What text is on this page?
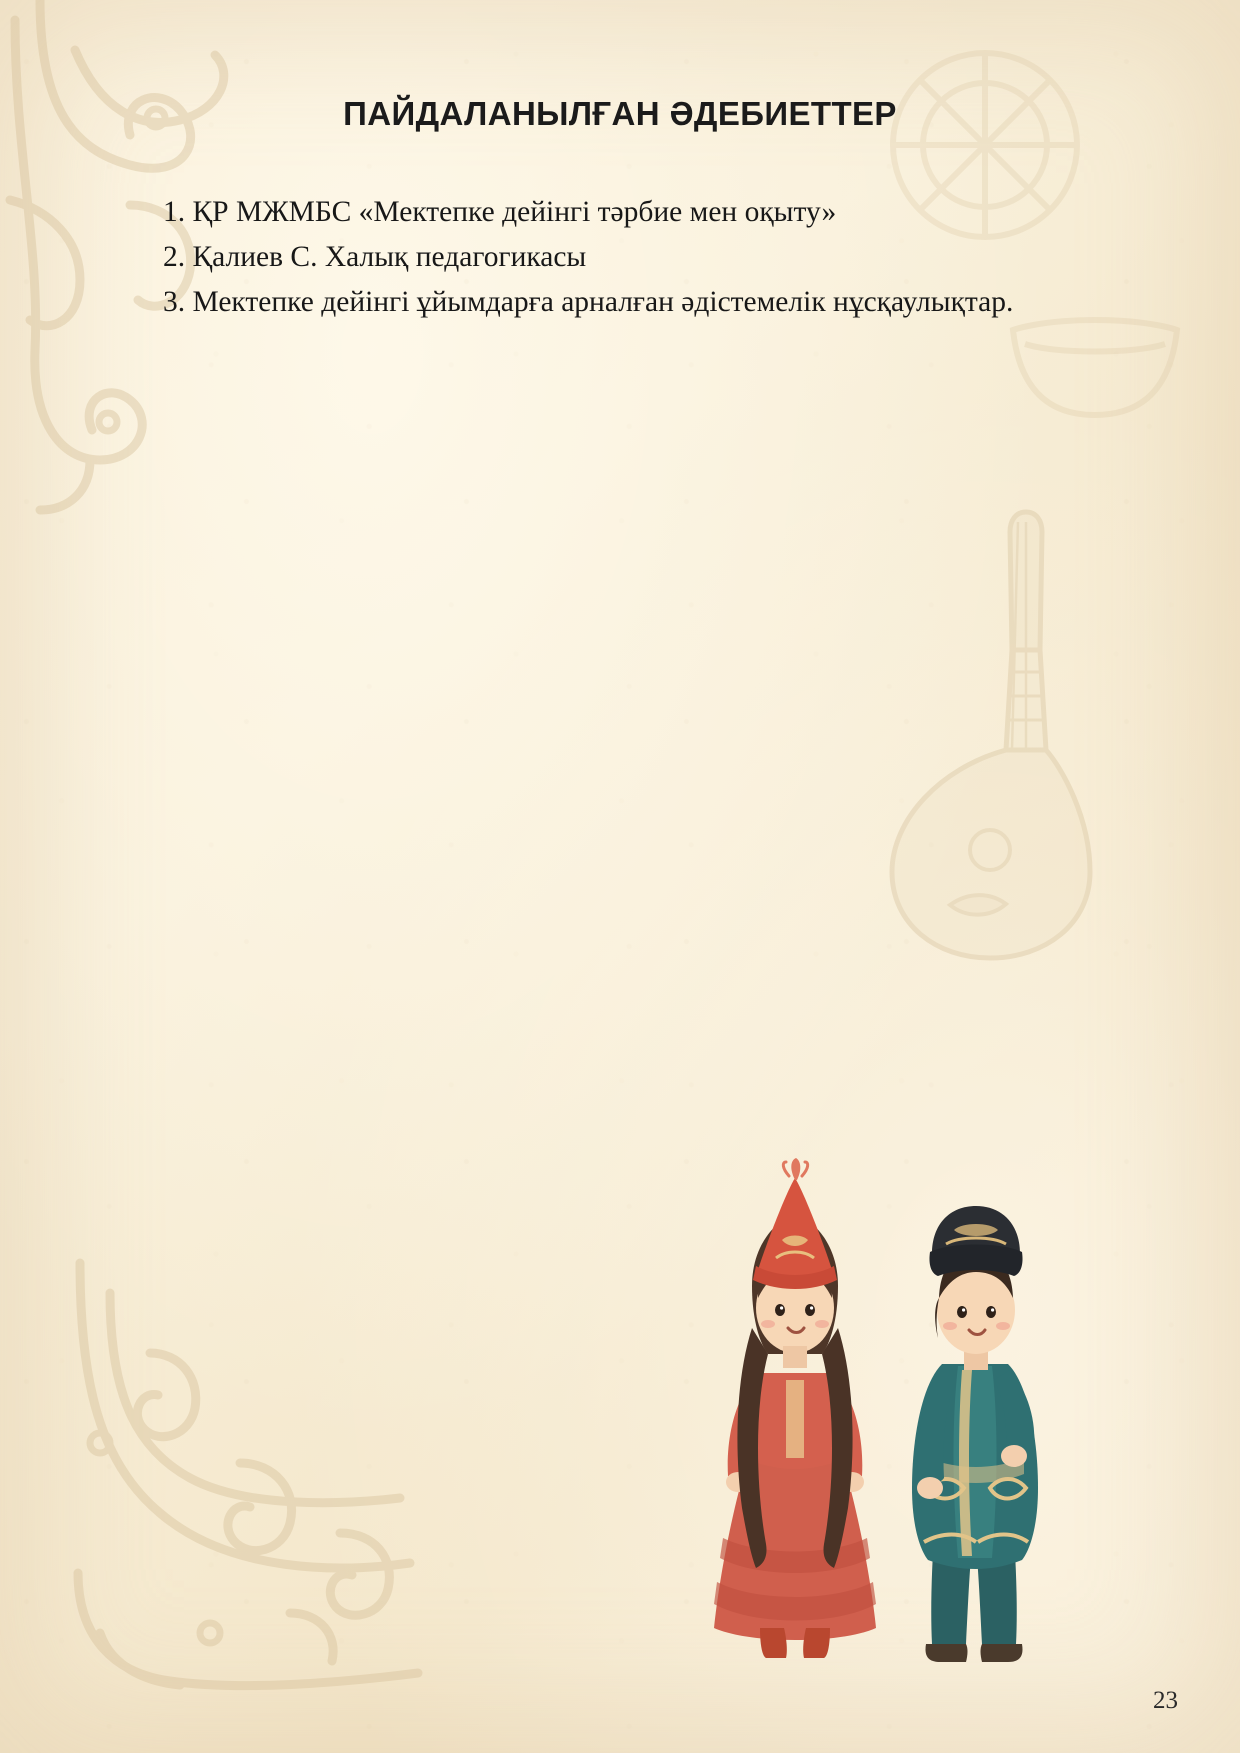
ПАЙДАЛАНЫЛҒАН ӘДЕБИЕТТЕР

1. ҚР МЖМБС «Мектепке дейінгі тәрбие мен оқыту»

2. Қалиев С. Халық педагогикасы

3. Мектепке дейінгі ұйымдарға арналған әдістемелік нұсқаулықтар.

23
